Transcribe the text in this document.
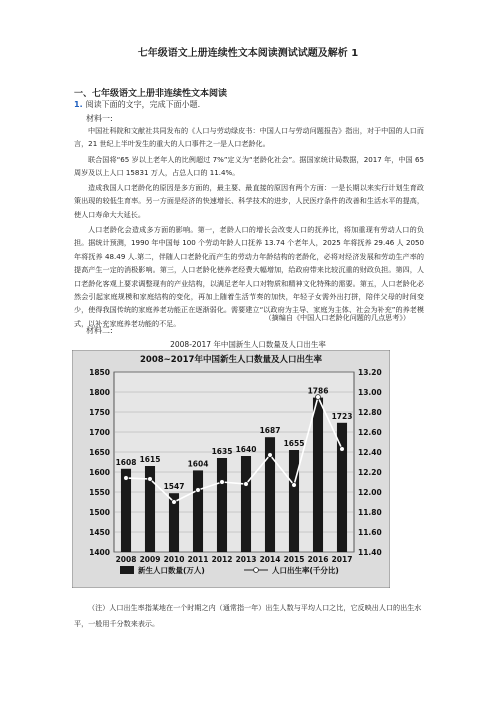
七年级语文上册连续性文本阅读测试试题及解析 1
一、七年级语文上册非连续性文本阅读
1. 阅读下面的文字，完成下面小题.
材料一:

中国社科院和文献社共同发布的《人口与劳动绿皮书：中国人口与劳动问题报告》指出，对于中国的人口而言，21 世纪上半叶发生的重大的人口事件之一是人口老龄化。

联合国将“65 岁以上老年人的比例超过 7%”定义为“老龄化社会”。据国家统计局数据，2017 年，中国 65 周岁及以上人口 15831 万人，占总人口的 11.4%。

造成我国人口老龄化的原因是多方面的，最主要、最直接的原因有两个方面：一是长期以来实行计划生育政策出现的较低生育率。另一方面是经济的快速增长、科学技术的进步，人民医疗条件的改善和生活水平的提高，使人口寿命大大延长。

人口老龄化会造成多方面的影响。第一，老龄人口的增长会改变人口的抚养比，将加重现有劳动人口的负担。据统计预测，1990 年中国每 100 个劳动年龄人口抚养 13.74 个老年人，2025 年将抚养 29.46 人 2050 年将抚养 48.49 人.第二，伴随人口老龄化而产生的劳动力年龄结构的老龄化，必将对经济发展和劳动生产率的提高产生一定的消极影响。第三，人口老龄化使养老经费大幅增加，给政府带来比较沉重的财政负担。第四，人口老龄化客观上要求调整现有的产业结构，以满足老年人口对物质和精神文化特殊的需要。第五，人口老龄化必然会引起家庭规模和家庭结构的变化，再加上随着生活节奏的加快，年轻子女需外出打拼，陪伴父母的时间变少，使得我国传统的家庭养老功能正在逐渐弱化。需要建立“以政府为主导、家庭为主体、社会为补充”的养老模式，以补充家庭养老功能的不足。

（摘编自《中国人口老龄化问题的几点思考》）
材料二:
2008-2017 年中国新生人口数量及人口出生率
2008~2017年中国新生人口数量及人口出生率
1608 1615
1547
1604
1635 1640
1687
1655
1786
1723
1400
1450
1500
1550
1600
1650
1700
1750
1800
1850
11.40
11.60
11.80
12.00
12.20
12.40
12.60
12.80
13.00
13.20
2008 2009 2010 2011 2012 2013 2014 2015 2016 2017
新生人口数量(万人)	人口出生率(千分比)

（注）人口出生率指某地在一个时期之内（通常指一年）出生人数与平均人口之比，它反映出人口的出生水平，一般用千分数来表示。
